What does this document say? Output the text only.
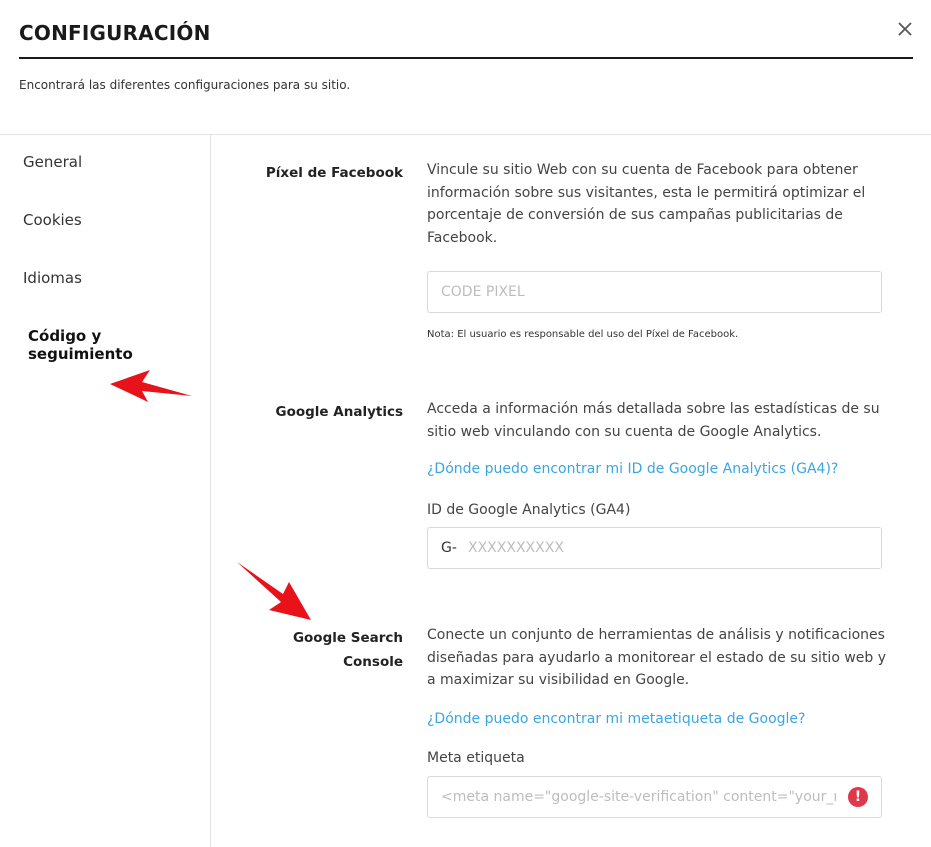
CONFIGURACIÓN
Encontrará las diferentes configuraciones para su sitio.
General
Cookies
Idiomas
Código y seguimiento
Píxel de Facebook Vincule su sitio Web con su cuenta de Facebook para obtener información sobre sus visitantes, esta le permitirá optimizar el porcentaje de conversión de sus campañas publicitarias de Facebook.
CODE PIXEL
Nota: El usuario es responsable del uso del Píxel de Facebook.
Google Analytics Acceda a información más detallada sobre las estadísticas de su sitio web vinculando con su cuenta de Google Analytics.
¿Dónde puedo encontrar mi ID de Google Analytics (GA4)?
ID de Google Analytics (GA4)
G-
XXXXXXXXXX
Google Search Console
Conecte un conjunto de herramientas de análisis y notificaciones diseñadas para ayudarlo a monitorear el estado de su sitio web y a maximizar su visibilidad en Google.
¿Dónde puedo encontrar mi metaetiqueta de Google?
Meta etiqueta
<meta name="google-site-verification" content="your_m
!
